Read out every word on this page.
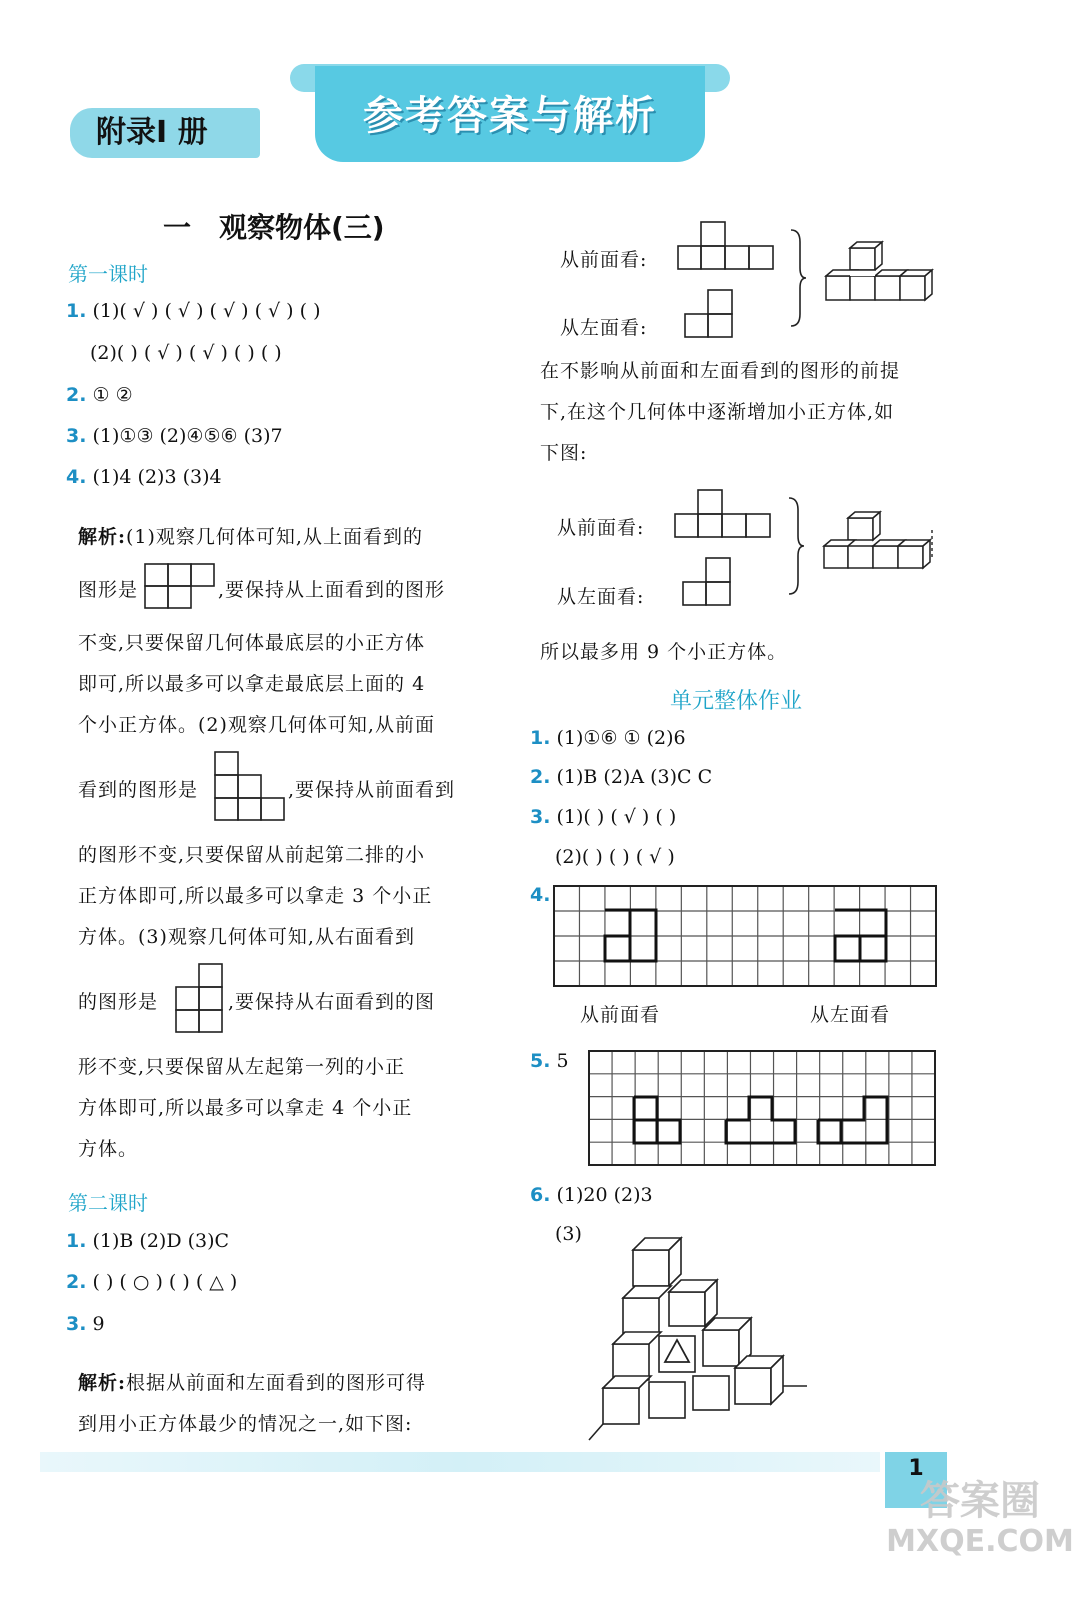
附录Ⅰ 册	参考答案与解析
一　观察物体(三)
第一课时
1. (1)( √ ) ( √ ) ( √ ) ( √ ) ( )
(2)( ) ( √ ) ( √ ) ( ) ( )
2. ① ②
3. (1)①③ (2)④⑤⑥ (3)7
4. (1)4 (2)3 (3)4
解析:(1)观察几何体可知,从上面看到的
图形是	,要保持从上面看到的图形
不变,只要保留几何体最底层的小正方体
即可,所以最多可以拿走最底层上面的 4
个小正方体。(2)观察几何体可知,从前面
看到的图形是	,要保持从前面看到
的图形不变,只要保留从前起第二排的小
正方体即可,所以最多可以拿走 3 个小正
方体。(3)观察几何体可知,从右面看到
的图形是	,要保持从右面看到的图
形不变,只要保留从左起第一列的小正
方体即可,所以最多可以拿走 4 个小正
方体。
第二课时
1. (1)B (2)D (3)C
2. ( ) ( ○ ) ( ) ( △ )
3. 9
解析:根据从前面和左面看到的图形可得
到用小正方体最少的情况之一,如下图:
从前面看:
从左面看:
在不影响从前面和左面看到的图形的前提
下,在这个几何体中逐渐增加小正方体,如
下图:
从前面看:
从左面看:
所以最多用 9 个小正方体。
单元整体作业
1. (1)①⑥ ① (2)6
2. (1)B (2)A (3)C C
3. (1)( ) ( √ ) ( )
(2)( ) ( ) ( √ )
4.
从前面看	从左面看
5. 5
6. (1)20 (2)3
(3)
1
答案圈
MXQE.COM
